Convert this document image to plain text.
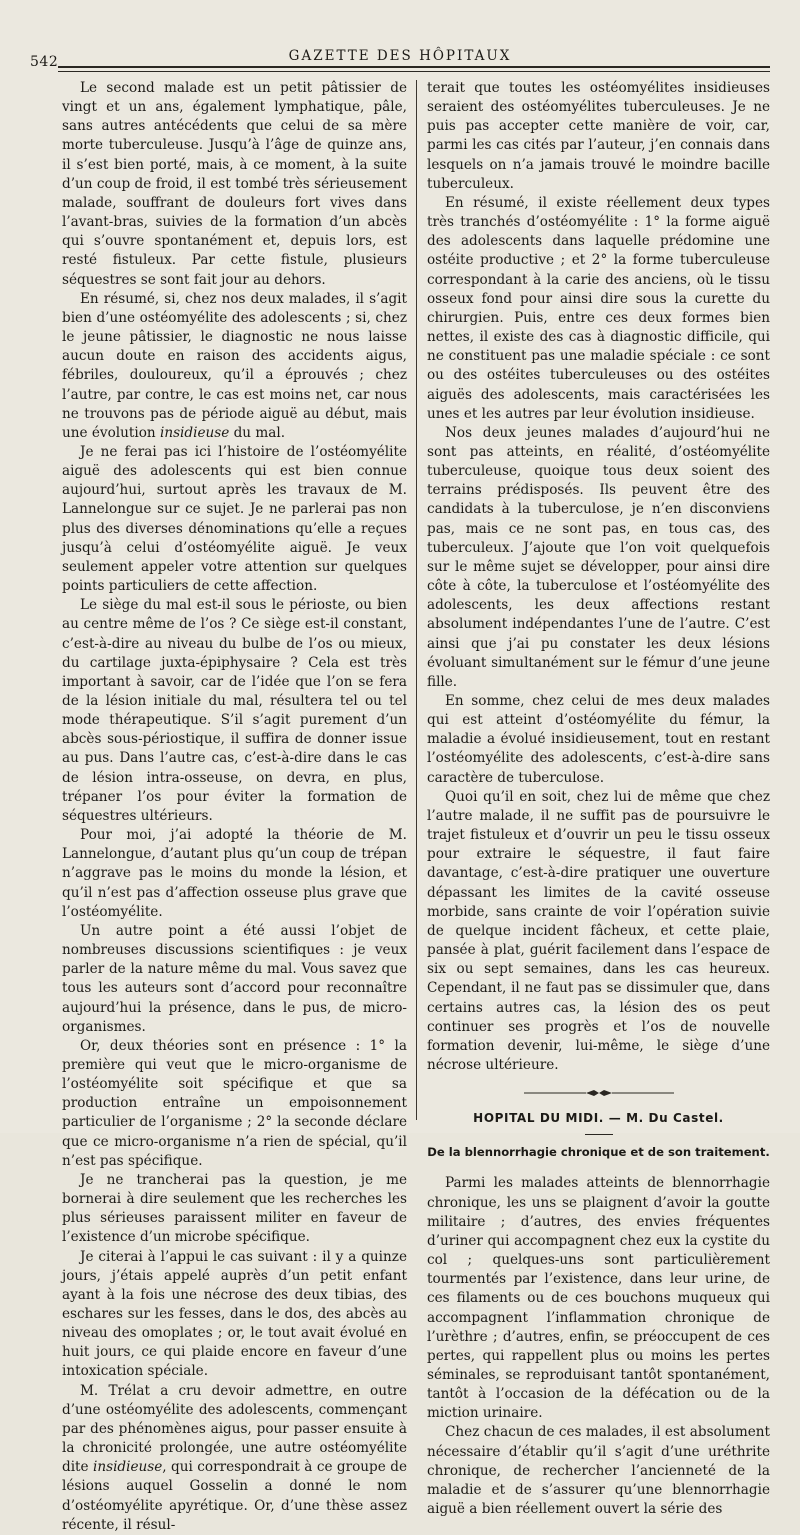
542	GAZETTE DES HÔPITAUX

Le second malade est un petit pâtissier de vingt et un ans, également lymphatique, pâle, sans autres antécédents que celui de sa mère morte tuberculeuse. Jusqu’à l’âge de quinze ans, il s’est bien porté, mais, à ce moment, à la suite d’un coup de froid, il est tombé très sérieusement malade, souffrant de douleurs fort vives dans l’avant-bras, suivies de la formation d’un abcès qui s’ouvre spontanément et, depuis lors, est resté fistuleux. Par cette fistule, plusieurs séquestres se sont fait jour au dehors.

En résumé, si, chez nos deux malades, il s’agit bien d’une ostéomyélite des adolescents ; si, chez le jeune pâtissier, le diagnostic ne nous laisse aucun doute en raison des accidents aigus, fébriles, douloureux, qu’il a éprouvés ; chez l’autre, par contre, le cas est moins net, car nous ne trouvons pas de période aiguë au début, mais une évolution insidieuse du mal.

Je ne ferai pas ici l’histoire de l’ostéomyélite aiguë des adolescents qui est bien connue aujourd’hui, surtout après les travaux de M. Lannelongue sur ce sujet. Je ne parlerai pas non plus des diverses dénominations qu’elle a reçues jusqu’à celui d’ostéomyélite aiguë. Je veux seulement appeler votre attention sur quelques points particuliers de cette affection.

Le siège du mal est-il sous le périoste, ou bien au centre même de l’os ? Ce siège est-il constant, c’est-à-dire au niveau du bulbe de l’os ou mieux, du cartilage juxta-épiphysaire ? Cela est très important à savoir, car de l’idée que l’on se fera de la lésion initiale du mal, résultera tel ou tel mode thérapeutique. S’il s’agit purement d’un abcès sous-périostique, il suffira de donner issue au pus. Dans l’autre cas, c’est-à-dire dans le cas de lésion intra-osseuse, on devra, en plus, trépaner l’os pour éviter la formation de séquestres ultérieurs.

Pour moi, j’ai adopté la théorie de M. Lannelongue, d’autant plus qu’un coup de trépan n’aggrave pas le moins du monde la lésion, et qu’il n’est pas d’affection osseuse plus grave que l’ostéomyélite.

Un autre point a été aussi l’objet de nombreuses discussions scientifiques : je veux parler de la nature même du mal. Vous savez que tous les auteurs sont d’accord pour reconnaître aujourd’hui la présence, dans le pus, de micro-organismes.

Or, deux théories sont en présence : 1° la première qui veut que le micro-organisme de l’ostéomyélite soit spécifique et que sa production entraîne un empoisonnement particulier de l’organisme ; 2° la seconde déclare que ce micro-organisme n’a rien de spécial, qu’il n’est pas spécifique.

Je ne trancherai pas la question, je me bornerai à dire seulement que les recherches les plus sérieuses paraissent militer en faveur de l’existence d’un microbe spécifique.

Je citerai à l’appui le cas suivant : il y a quinze jours, j’étais appelé auprès d’un petit enfant ayant à la fois une nécrose des deux tibias, des eschares sur les fesses, dans le dos, des abcès au niveau des omoplates ; or, le tout avait évolué en huit jours, ce qui plaide encore en faveur d’une intoxication spéciale.

M. Trélat a cru devoir admettre, en outre d’une ostéomyélite des adolescents, commençant par des phénomènes aigus, pour passer ensuite à la chronicité prolongée, une autre ostéomyélite dite insidieuse, qui correspondrait à ce groupe de lésions auquel Gosselin a donné le nom d’ostéomyélite apyrétique. Or, d’une thèse assez récente, il résul-

terait que toutes les ostéomyélites insidieuses seraient des ostéomyélites tuberculeuses. Je ne puis pas accepter cette manière de voir, car, parmi les cas cités par l’auteur, j’en connais dans lesquels on n’a jamais trouvé le moindre bacille tuberculeux.

En résumé, il existe réellement deux types très tranchés d’ostéomyélite : 1° la forme aiguë des adolescents dans laquelle prédomine une ostéite productive ; et 2° la forme tuberculeuse correspondant à la carie des anciens, où le tissu osseux fond pour ainsi dire sous la curette du chirurgien. Puis, entre ces deux formes bien nettes, il existe des cas à diagnostic difficile, qui ne constituent pas une maladie spéciale : ce sont ou des ostéites tuberculeuses ou des ostéites aiguës des adolescents, mais caractérisées les unes et les autres par leur évolution insidieuse.

Nos deux jeunes malades d’aujourd’hui ne sont pas atteints, en réalité, d’ostéomyélite tuberculeuse, quoique tous deux soient des terrains prédisposés. Ils peuvent être des candidats à la tuberculose, je n’en disconviens pas, mais ce ne sont pas, en tous cas, des tuberculeux. J’ajoute que l’on voit quelquefois sur le même sujet se développer, pour ainsi dire côte à côte, la tuberculose et l’ostéomyélite des adolescents, les deux affections restant absolument indépendantes l’une de l’autre. C’est ainsi que j’ai pu constater les deux lésions évoluant simultanément sur le fémur d’une jeune fille.

En somme, chez celui de mes deux malades qui est atteint d’ostéomyélite du fémur, la maladie a évolué insidieusement, tout en restant l’ostéomyélite des adolescents, c’est-à-dire sans caractère de tuberculose.

Quoi qu’il en soit, chez lui de même que chez l’autre malade, il ne suffit pas de poursuivre le trajet fistuleux et d’ouvrir un peu le tissu osseux pour extraire le séquestre, il faut faire davantage, c’est-à-dire pratiquer une ouverture dépassant les limites de la cavité osseuse morbide, sans crainte de voir l’opération suivie de quelque incident fâcheux, et cette plaie, pansée à plat, guérit facilement dans l’espace de six ou sept semaines, dans les cas heureux. Cependant, il ne faut pas se dissimuler que, dans certains autres cas, la lésion des os peut continuer ses progrès et l’os de nouvelle formation devenir, lui-même, le siège d’une nécrose ultérieure.

HOPITAL DU MIDI. — M. Du Castel.
De la blennorrhagie chronique et de son traitement.

Parmi les malades atteints de blennorrhagie chronique, les uns se plaignent d’avoir la goutte militaire ; d’autres, des envies fréquentes d’uriner qui accompagnent chez eux la cystite du col ; quelques-uns sont particulièrement tourmentés par l’existence, dans leur urine, de ces filaments ou de ces bouchons muqueux qui accompagnent l’inflammation chronique de l’urèthre ; d’autres, enfin, se préoccupent de ces pertes, qui rappellent plus ou moins les pertes séminales, se reproduisant tantôt spontanément, tantôt à l’occasion de la défécation ou de la miction urinaire.

Chez chacun de ces malades, il est absolument nécessaire d’établir qu’il s’agit d’une uréthrite chronique, de rechercher l’ancienneté de la maladie et de s’assurer qu’une blennorrhagie aiguë a bien réellement ouvert la série des
